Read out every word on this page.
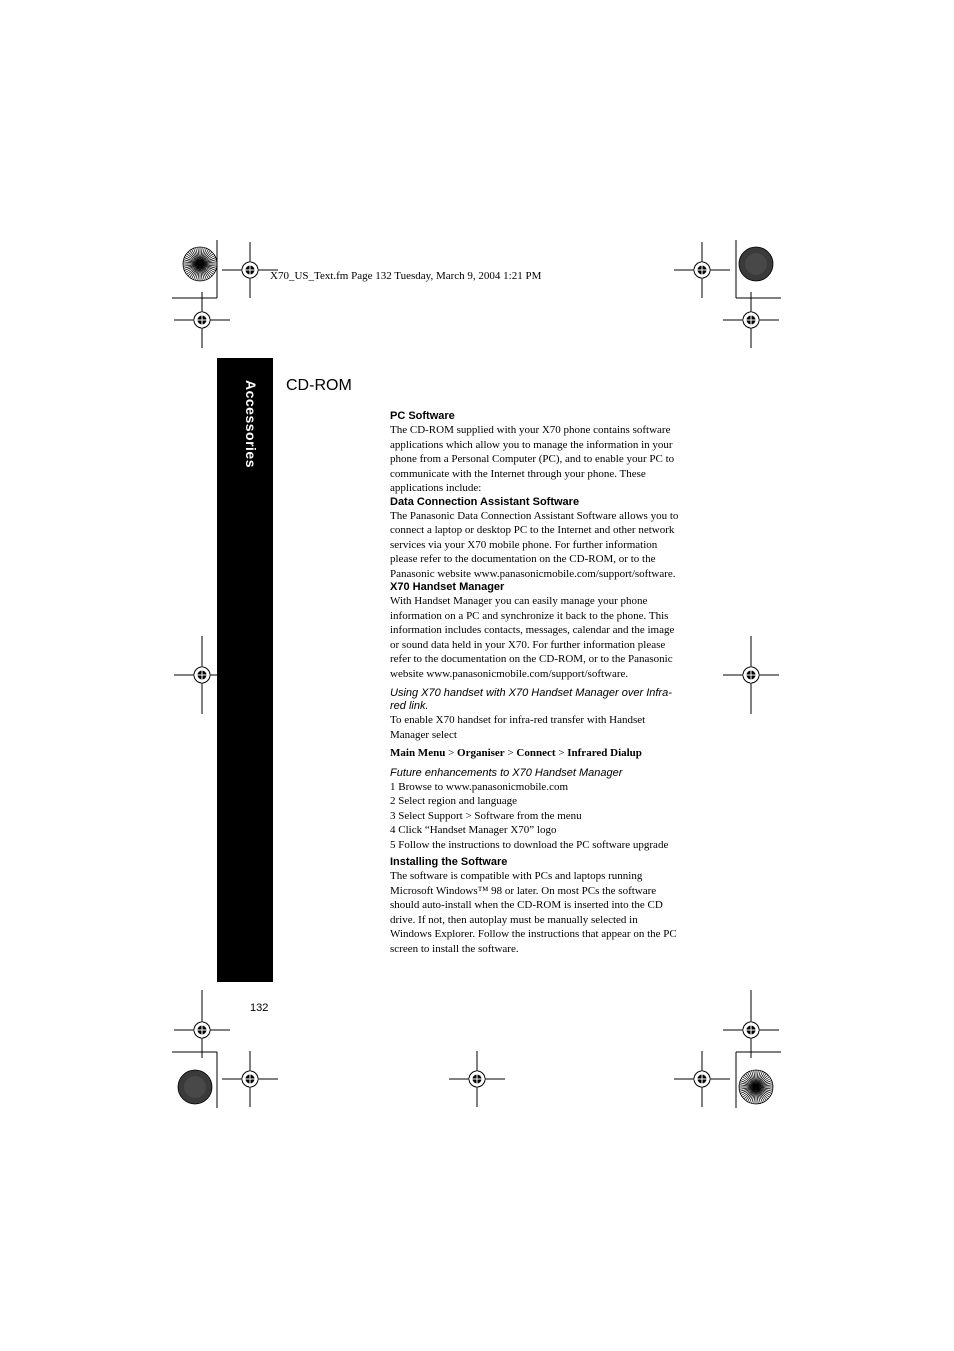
X70_US_Text.fm Page 132 Tuesday, March 9, 2004 1:21 PM
Accessories CD-ROM

PC Software

The CD-ROM supplied with your X70 phone contains software applications which allow you to manage the information in your phone from a Personal Computer (PC), and to enable your PC to communicate with the Internet through your phone. These applications include:

Data Connection Assistant Software

The Panasonic Data Connection Assistant Software allows you to connect a laptop or desktop PC to the Internet and other network services via your X70 mobile phone. For further information please refer to the documentation on the CD-ROM, or to the Panasonic website www.panasonicmobile.com/support/software.

X70 Handset Manager

With Handset Manager you can easily manage your phone information on a PC and synchronize it back to the phone. This information includes contacts, messages, calendar and the image or sound data held in your X70. For further information please refer to the documentation on the CD-ROM, or to the Panasonic website www.panasonicmobile.com/support/software.

Using X70 handset with X70 Handset Manager over Infra-red link.

To enable X70 handset for infra-red transfer with Handset Manager select

Main Menu > Organiser > Connect > Infrared Dialup

Future enhancements to X70 Handset Manager

1 Browse to www.panasonicmobile.com
2 Select region and language
3 Select Support > Software from the menu
4 Click “Handset Manager X70” logo
5 Follow the instructions to download the PC software upgrade

Installing the Software

The software is compatible with PCs and laptops running Microsoft Windows™ 98 or later. On most PCs the software should auto-install when the CD-ROM is inserted into the CD drive. If not, then autoplay must be manually selected in Windows Explorer. Follow the instructions that appear on the PC screen to install the software.

132
